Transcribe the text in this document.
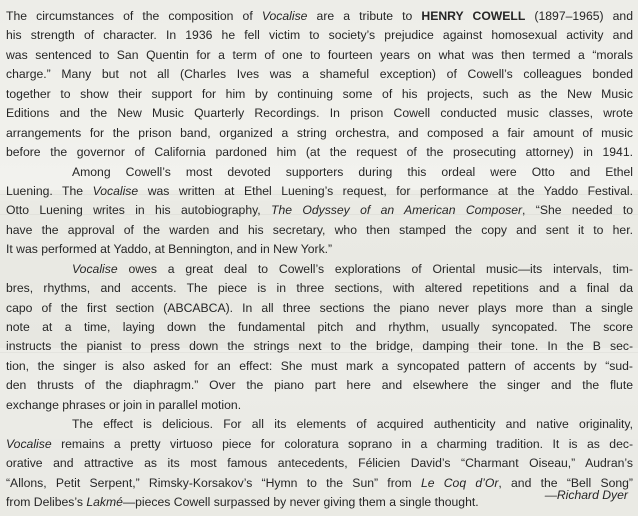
The circumstances of the composition of Vocalise are a tribute to HENRY COWELL (1897–1965) and
his strength of character. In 1936 he fell victim to society’s prejudice against homosexual activity and
was sentenced to San Quentin for a term of one to fourteen years on what was then termed a “morals
charge.” Many but not all (Charles Ives was a shameful exception) of Cowell’s colleagues bonded
together to show their support for him by continuing some of his projects, such as the New Music
Editions and the New Music Quarterly Recordings. In prison Cowell conducted music classes, wrote
arrangements for the prison band, organized a string orchestra, and composed a fair amount of music
before the governor of California pardoned him (at the request of the prosecuting attorney) in 1941.
Among Cowell’s most devoted supporters during this ordeal were Otto and Ethel
Luening. The Vocalise was written at Ethel Luening’s request, for performance at the Yaddo Festival.
Otto Luening writes in his autobiography, The Odyssey of an American Composer, “She needed to
have the approval of the warden and his secretary, who then stamped the copy and sent it to her.
It was performed at Yaddo, at Bennington, and in New York.”
Vocalise owes a great deal to Cowell’s explorations of Oriental music—its intervals, tim-
bres, rhythms, and accents. The piece is in three sections, with altered repetitions and a final da
capo of the first section (ABCABCA). In all three sections the piano never plays more than a single
note at a time, laying down the fundamental pitch and rhythm, usually syncopated. The score
instructs the pianist to press down the strings next to the bridge, damping their tone. In the B sec-
tion, the singer is also asked for an effect: She must mark a syncopated pattern of accents by “sud-
den thrusts of the diaphragm.” Over the piano part here and elsewhere the singer and the flute
exchange phrases or join in parallel motion.
The effect is delicious. For all its elements of acquired authenticity and native originality,
Vocalise remains a pretty virtuoso piece for coloratura soprano in a charming tradition. It is as dec-
orative and attractive as its most famous antecedents, Félicien David’s “Charmant Oiseau,” Audran’s
“Allons, Petit Serpent,” Rimsky-Korsakov’s “Hymn to the Sun” from Le Coq d’Or, and the “Bell Song”
from Delibes’s Lakmé—pieces Cowell surpassed by never giving them a single thought.	—Richard Dyer
